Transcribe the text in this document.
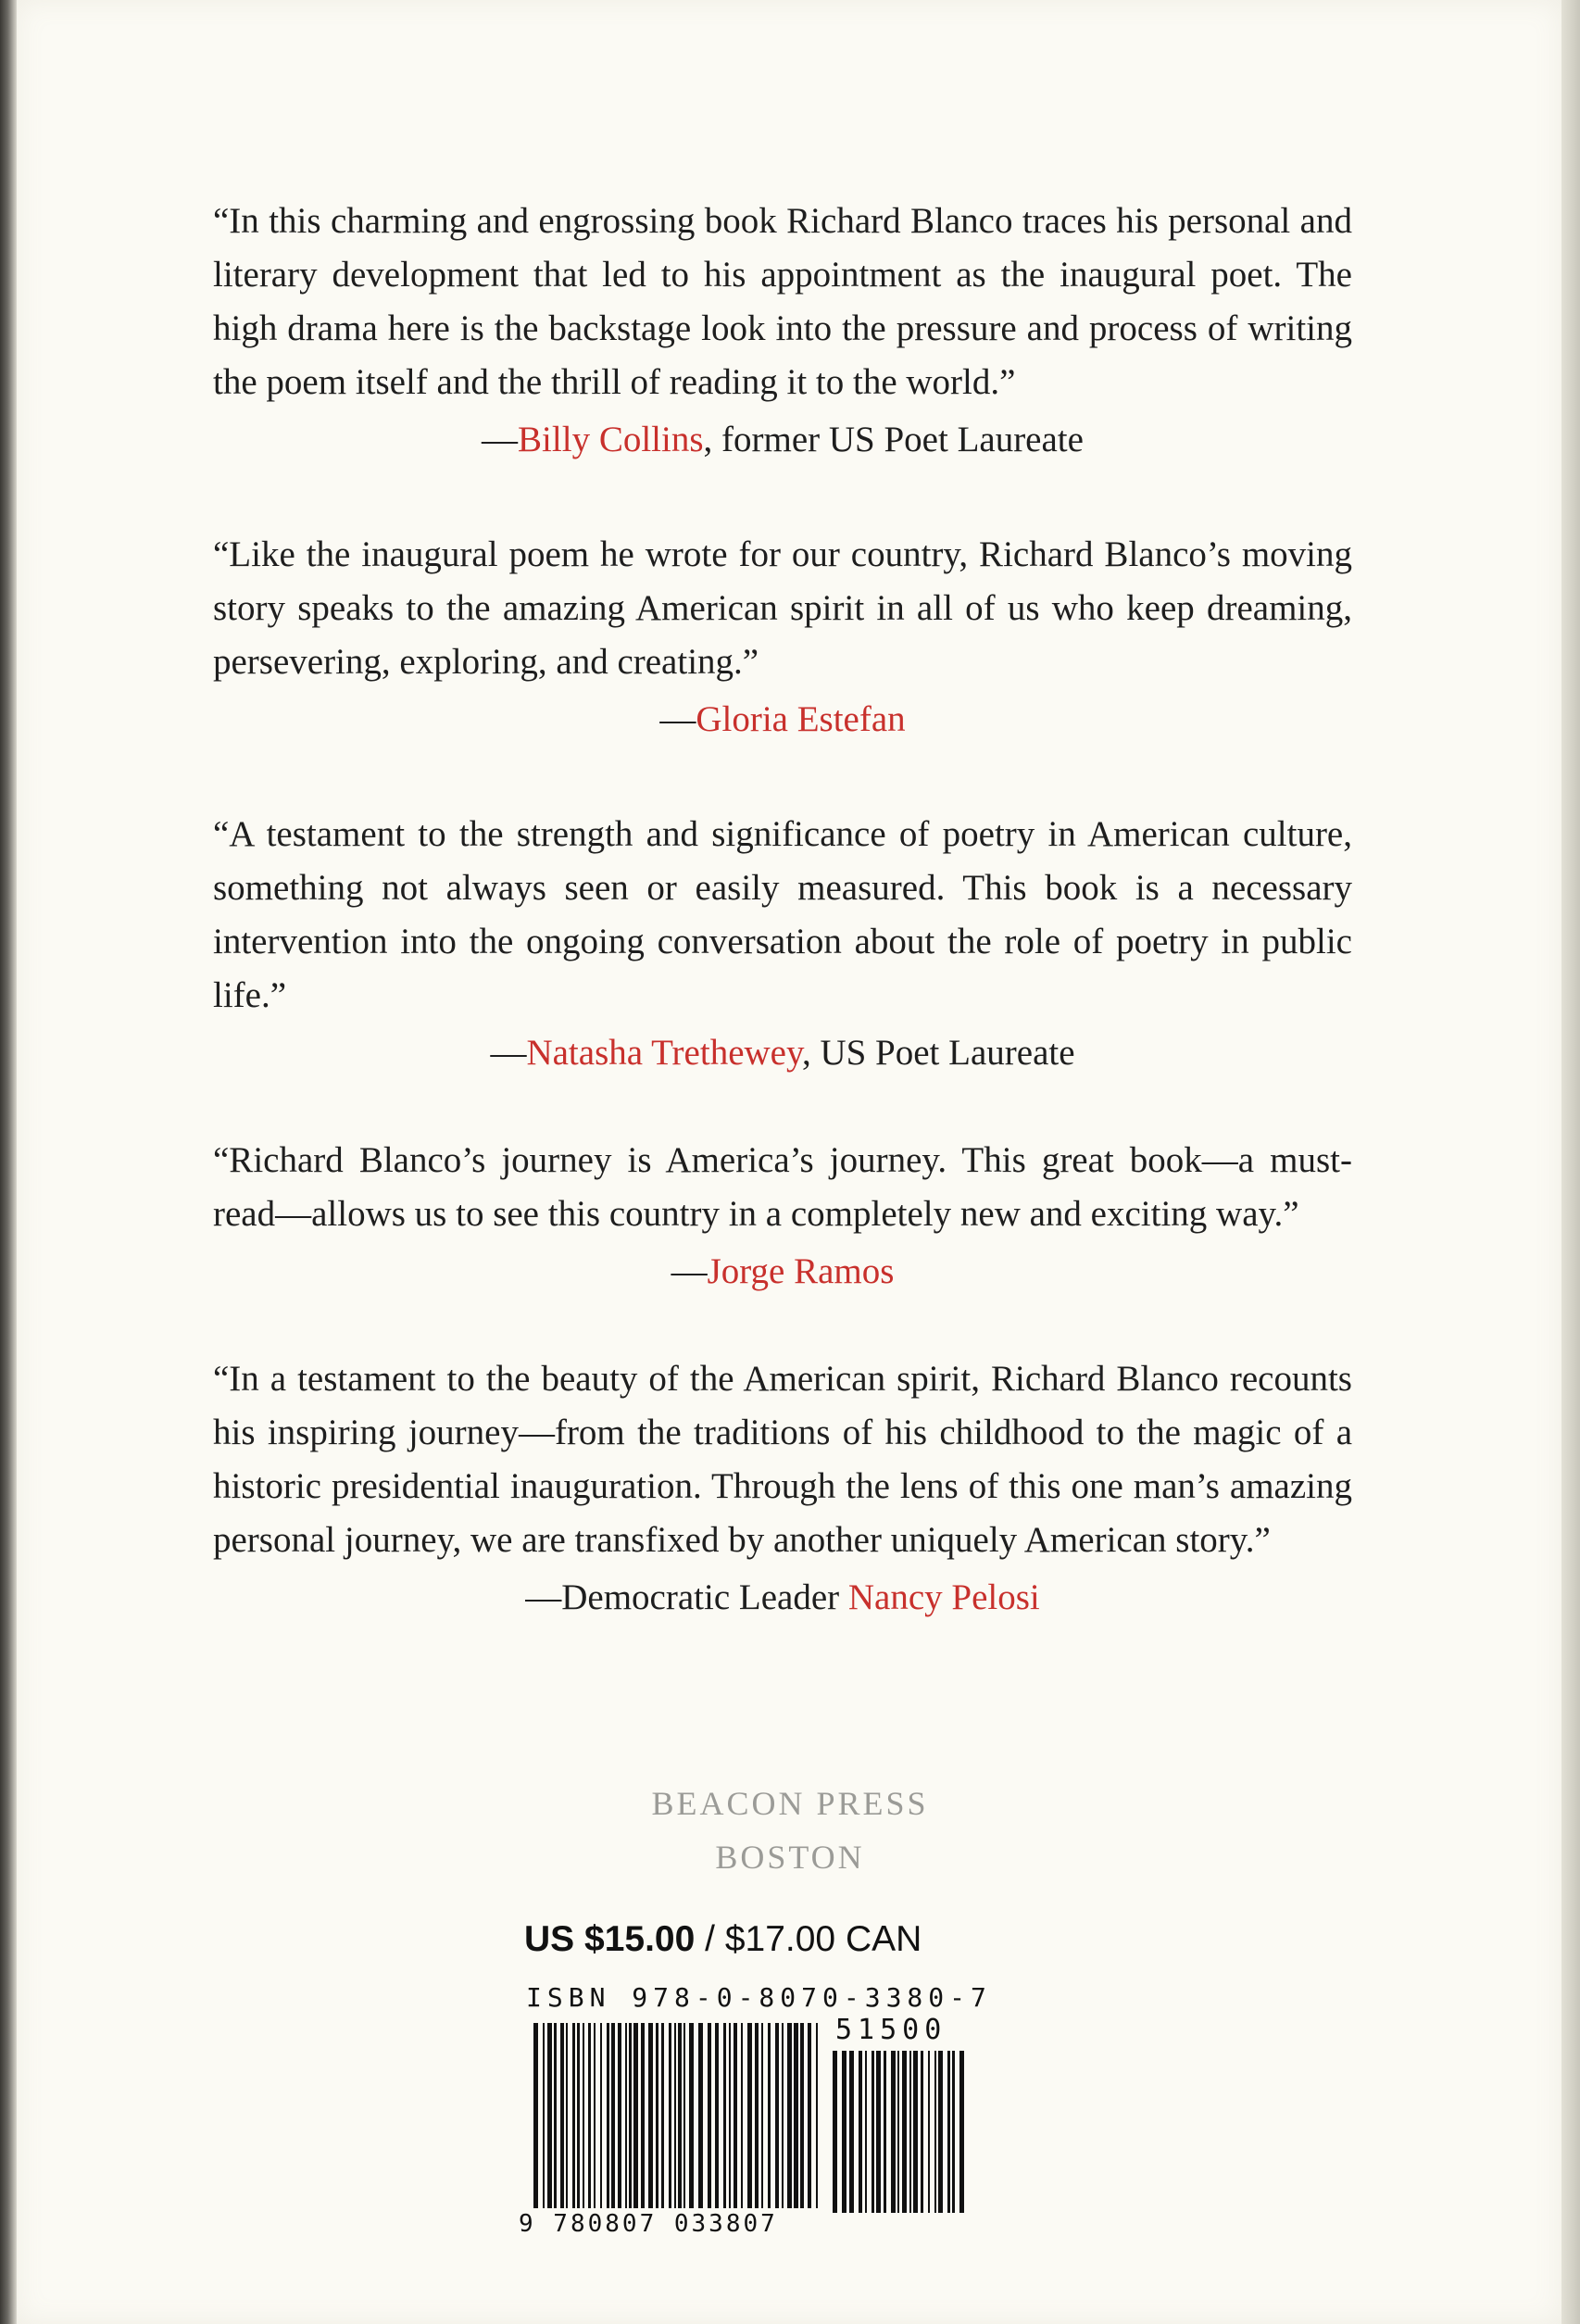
“In this charming and engrossing book Richard Blanco traces his personal and literary development that led to his appointment as the inaugural poet. The high drama here is the backstage look into the pressure and process of writing the poem itself and the thrill of reading it to the world.”

—Billy Collins, former US Poet Laureate

“Like the inaugural poem he wrote for our country, Richard Blanco’s moving story speaks to the amazing American spirit in all of us who keep dreaming, persevering, exploring, and creating.”

—Gloria Estefan

“A testament to the strength and significance of poetry in American culture, something not always seen or easily measured. This book is a necessary intervention into the ongoing conversation about the role of poetry in public life.”

—Natasha Trethewey, US Poet Laureate

“Richard Blanco’s journey is America’s journey. This great book—a must-read—allows us to see this country in a completely new and exciting way.”

—Jorge Ramos

“In a testament to the beauty of the American spirit, Richard Blanco recounts his inspiring journey—from the traditions of his childhood to the magic of a historic presidential inauguration. Through the lens of this one man’s amazing personal journey, we are transfixed by another uniquely American story.”

—Democratic Leader Nancy Pelosi

BEACON PRESS
BOSTON
US $15.00 / $17.00 CAN
ISBN 978-0-8070-3380-7
51500
9 780807 033807
